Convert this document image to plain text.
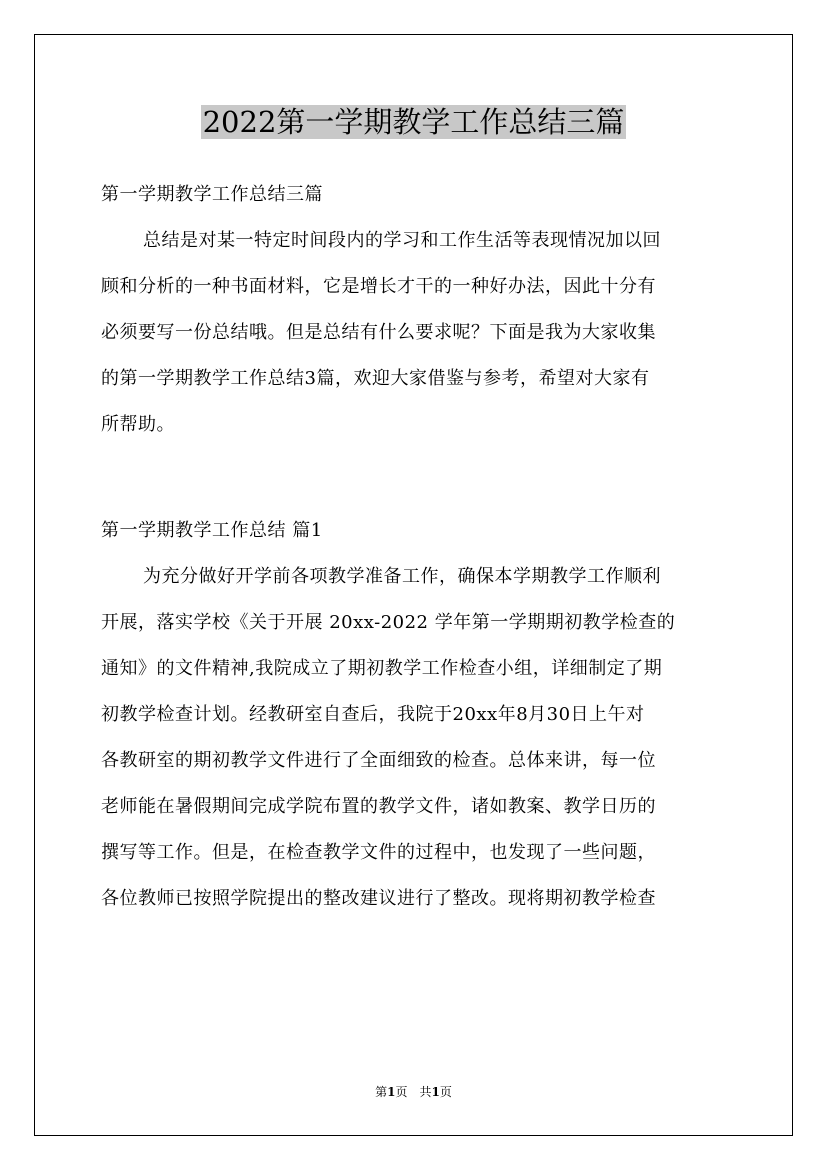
2022第一学期教学工作总结三篇
第一学期教学工作总结三篇
总结是对某一特定时间段内的学习和工作生活等表现情况加以回
顾和分析的一种书面材料，它是增长才干的一种好办法，因此十分有
必须要写一份总结哦。但是总结有什么要求呢？下面是我为大家收集
的第一学期教学工作总结3篇，欢迎大家借鉴与参考，希望对大家有
所帮助。
第一学期教学工作总结 篇1
为充分做好开学前各项教学准备工作，确保本学期教学工作顺利
开展，落实学校《关于开展 20xx-2022 学年第一学期期初教学检查的
通知》的文件精神,我院成立了期初教学工作检查小组，详细制定了期
初教学检查计划。经教研室自查后，我院于20xx年8月30日上午对
各教研室的期初教学文件进行了全面细致的检查。总体来讲，每一位
老师能在暑假期间完成学院布置的教学文件，诸如教案、教学日历的
撰写等工作。但是，在检查教学文件的过程中，也发现了一些问题，
各位教师已按照学院提出的整改建议进行了整改。现将期初教学检查
第1页　共1页
